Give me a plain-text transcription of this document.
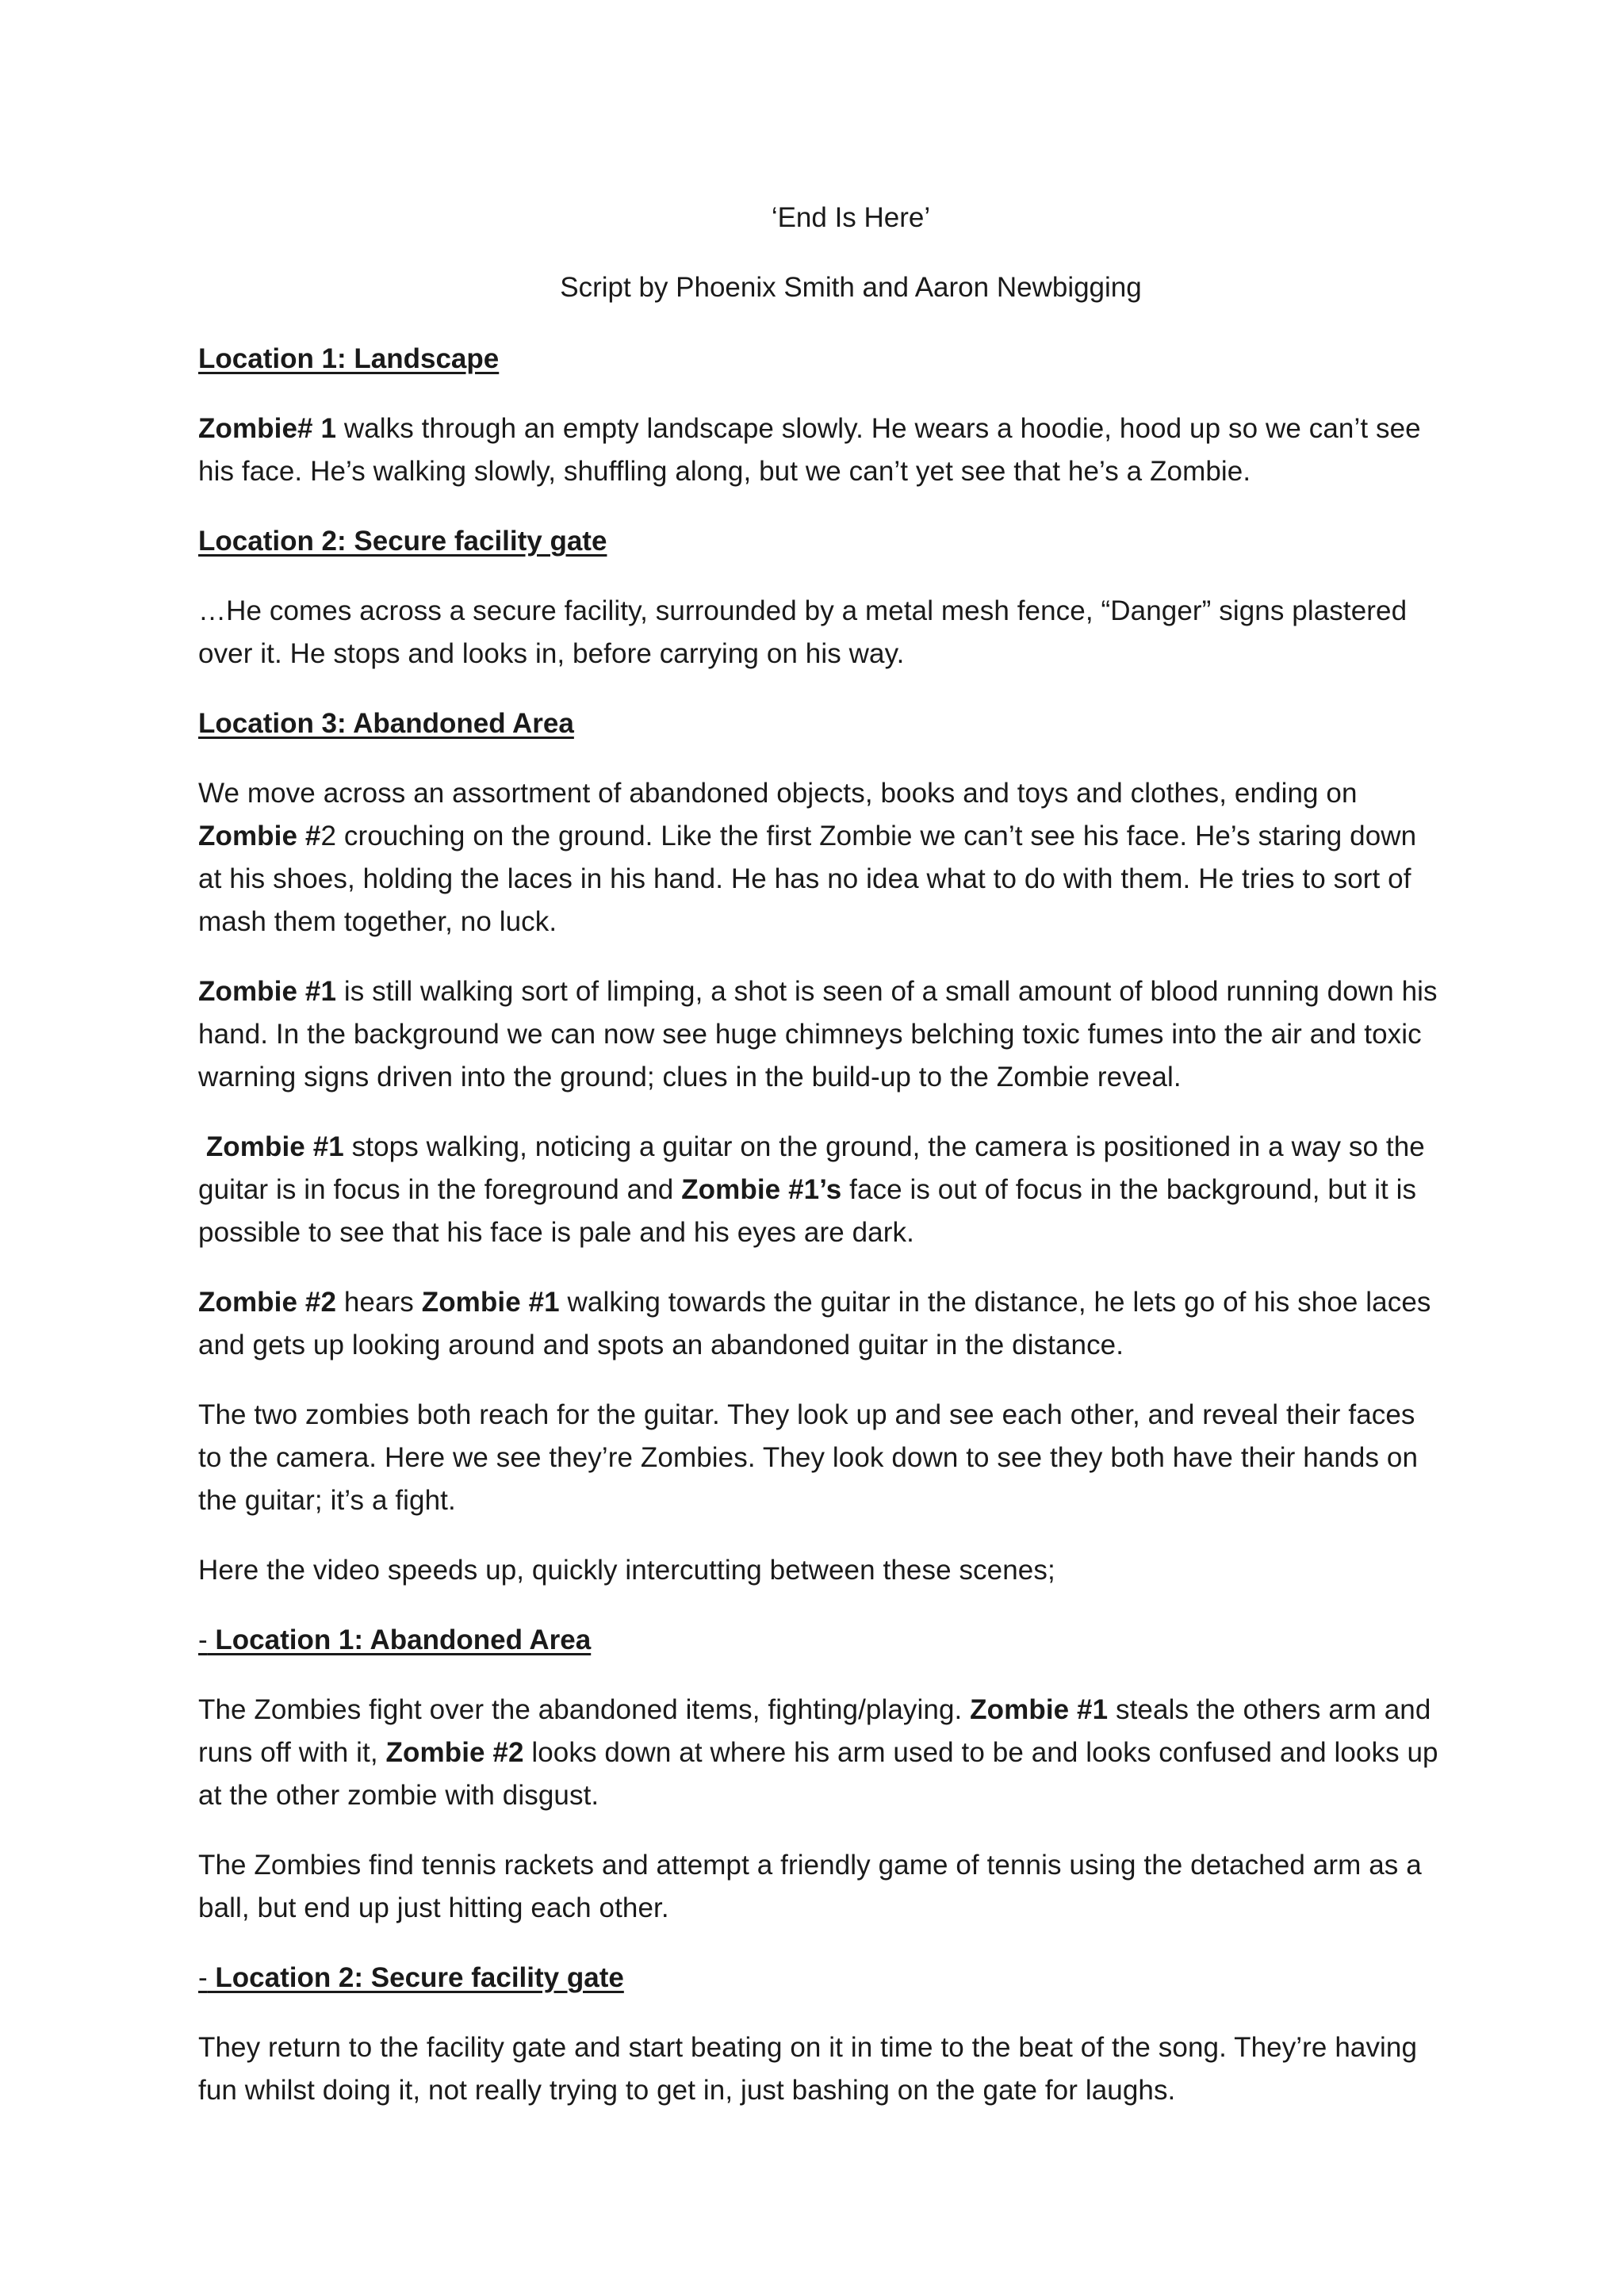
‘End Is Here’

Script by Phoenix Smith and Aaron Newbigging

Location 1: Landscape

Zombie# 1 walks through an empty landscape slowly. He wears a hoodie, hood up so we can’t see his face. He’s walking slowly, shuffling along, but we can’t yet see that he’s a Zombie.

Location 2: Secure facility gate

…He comes across a secure facility, surrounded by a metal mesh fence, “Danger” signs plastered over it. He stops and looks in, before carrying on his way.

Location 3: Abandoned Area

We move across an assortment of abandoned objects, books and toys and clothes, ending on Zombie #2 crouching on the ground. Like the first Zombie we can’t see his face. He’s staring down at his shoes, holding the laces in his hand. He has no idea what to do with them. He tries to sort of mash them together, no luck.

Zombie #1 is still walking sort of limping, a shot is seen of a small amount of blood running down his hand. In the background we can now see huge chimneys belching toxic fumes into the air and toxic warning signs driven into the ground; clues in the build-up to the Zombie reveal.

Zombie #1 stops walking, noticing a guitar on the ground, the camera is positioned in a way so the guitar is in focus in the foreground and Zombie #1’s face is out of focus in the background, but it is possible to see that his face is pale and his eyes are dark.

Zombie #2 hears Zombie #1 walking towards the guitar in the distance, he lets go of his shoe laces and gets up looking around and spots an abandoned guitar in the distance.

The two zombies both reach for the guitar. They look up and see each other, and reveal their faces to the camera. Here we see they’re Zombies. They look down to see they both have their hands on the guitar; it’s a fight.

Here the video speeds up, quickly intercutting between these scenes;

- Location 1: Abandoned Area

The Zombies fight over the abandoned items, fighting/playing. Zombie #1 steals the others arm and runs off with it, Zombie #2 looks down at where his arm used to be and looks confused and looks up at the other zombie with disgust.

The Zombies find tennis rackets and attempt a friendly game of tennis using the detached arm as a ball, but end up just hitting each other.

- Location 2: Secure facility gate

They return to the facility gate and start beating on it in time to the beat of the song. They’re having fun whilst doing it, not really trying to get in, just bashing on the gate for laughs.
